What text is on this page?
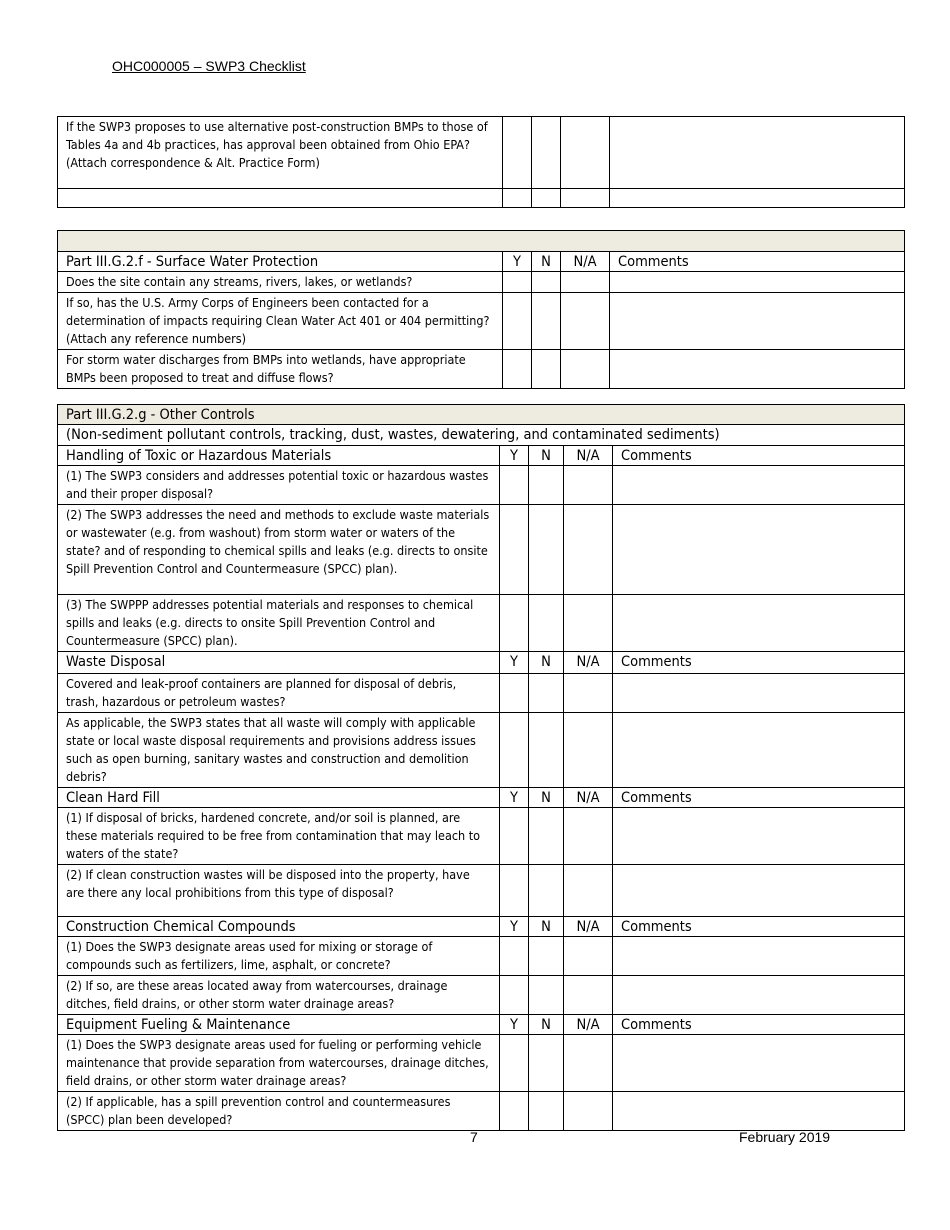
OHC000005 – SWP3 Checklist
If the SWP3 proposes to use alternative post-construction BMPs to those of Tables 4a and 4b practices, has approval been obtained from Ohio EPA? (Attach correspondence & Alt. Practice Form)				

Part III.G.2.f - Surface Water Protection	Y	N	N/A	Comments
Does the site contain any streams, rivers, lakes, or wetlands?				
If so, has the U.S. Army Corps of Engineers been contacted for a determination of impacts requiring Clean Water Act 401 or 404 permitting? (Attach any reference numbers)				
For storm water discharges from BMPs into wetlands, have appropriate BMPs been proposed to treat and diffuse flows?				
Part III.G.2.g - Other Controls				
(Non-sediment pollutant controls, tracking, dust, wastes, dewatering, and contaminated sediments)				
Handling of Toxic or Hazardous Materials	Y	N	N/A	Comments
(1) The SWP3 considers and addresses potential toxic or hazardous wastes and their proper disposal?				
(2) The SWP3 addresses the need and methods to exclude waste materials or wastewater (e.g. from washout) from storm water or waters of the state? and of responding to chemical spills and leaks (e.g. directs to onsite Spill Prevention Control and Countermeasure (SPCC) plan).				
(3) The SWPPP addresses potential materials and responses to chemical spills and leaks (e.g. directs to onsite Spill Prevention Control and Countermeasure (SPCC) plan).				
Waste Disposal	Y	N	N/A	Comments
Covered and leak-proof containers are planned for disposal of debris, trash, hazardous or petroleum wastes?				
As applicable, the SWP3 states that all waste will comply with applicable state or local waste disposal requirements and provisions address issues such as open burning, sanitary wastes and construction and demolition debris?				
Clean Hard Fill	Y	N	N/A	Comments
(1) If disposal of bricks, hardened concrete, and/or soil is planned, are these materials required to be free from contamination that may leach to waters of the state?				
(2) If clean construction wastes will be disposed into the property, have are there any local prohibitions from this type of disposal?				
Construction Chemical Compounds	Y	N	N/A	Comments
(1) Does the SWP3 designate areas used for mixing or storage of compounds such as fertilizers, lime, asphalt, or concrete?				
(2) If so, are these areas located away from watercourses, drainage ditches, field drains, or other storm water drainage areas?				
Equipment Fueling & Maintenance	Y	N	N/A	Comments
(1) Does the SWP3 designate areas used for fueling or performing vehicle maintenance that provide separation from watercourses, drainage ditches, field drains, or other storm water drainage areas?				
(2) If applicable, has a spill prevention control and countermeasures (SPCC) plan been developed?				
7	February 2019
